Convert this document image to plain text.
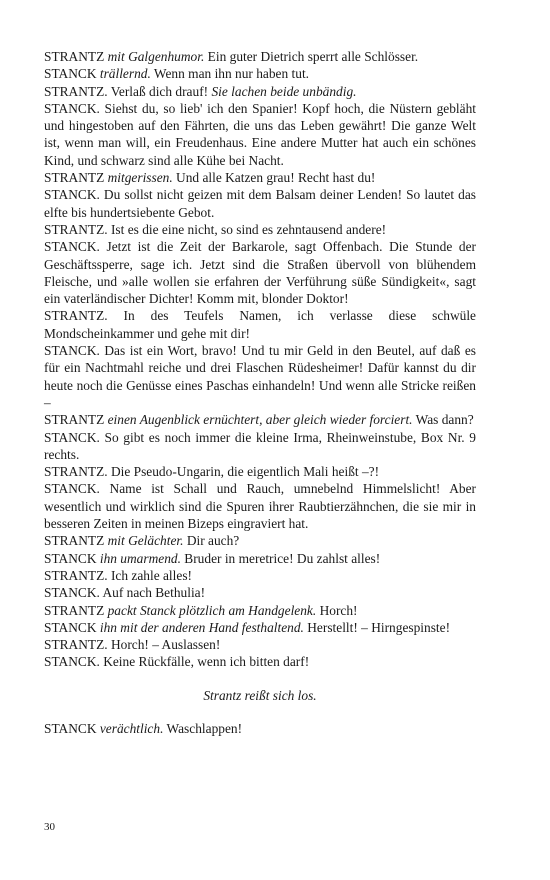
STRANTZ mit Galgenhumor. Ein guter Dietrich sperrt alle Schlösser.
STANCK trällernd. Wenn man ihn nur haben tut.
STRANTZ. Verlaß dich drauf! Sie lachen beide unbändig.
STANCK. Siehst du, so lieb' ich den Spanier! Kopf hoch, die Nüstern gebläht und hingestoben auf den Fährten, die uns das Leben gewährt! Die ganze Welt ist, wenn man will, ein Freudenhaus. Eine andere Mutter hat auch ein schönes Kind, und schwarz sind alle Kühe bei Nacht.
STRANTZ mitgerissen. Und alle Katzen grau! Recht hast du!
STANCK. Du sollst nicht geizen mit dem Balsam deiner Lenden! So lautet das elfte bis hundertsiebente Gebot.
STRANTZ. Ist es die eine nicht, so sind es zehntausend andere!
STANCK. Jetzt ist die Zeit der Barkarole, sagt Offenbach. Die Stunde der Geschäftssperre, sage ich. Jetzt sind die Straßen übervoll von blühendem Fleische, und »alle wollen sie erfahren der Verführung süße Sündigkeit«, sagt ein vaterländischer Dichter! Komm mit, blonder Doktor!
STRANTZ. In des Teufels Namen, ich verlasse diese schwüle Mondscheinkammer und gehe mit dir!
STANCK. Das ist ein Wort, bravo! Und tu mir Geld in den Beutel, auf daß es für ein Nachtmahl reiche und drei Flaschen Rüdesheimer! Dafür kannst du dir heute noch die Genüsse eines Paschas einhandeln! Und wenn alle Stricke reißen –
STRANTZ einen Augenblick ernüchtert, aber gleich wieder forciert. Was dann?
STANCK. So gibt es noch immer die kleine Irma, Rheinweinstube, Box Nr. 9 rechts.
STRANTZ. Die Pseudo-Ungarin, die eigentlich Mali heißt –?!
STANCK. Name ist Schall und Rauch, umnebelnd Himmelslicht! Aber wesentlich und wirklich sind die Spuren ihrer Raubtierzähnchen, die sie mir in besseren Zeiten in meinen Bizeps eingraviert hat.
STRANTZ mit Gelächter. Dir auch?
STANCK ihn umarmend. Bruder in meretrice! Du zahlst alles!
STRANTZ. Ich zahle alles!
STANCK. Auf nach Bethulia!
STRANTZ packt Stanck plötzlich am Handgelenk. Horch!
STANCK ihn mit der anderen Hand festhaltend. Herstellt! – Hirngespinste!
STRANTZ. Horch! – Auslassen!
STANCK. Keine Rückfälle, wenn ich bitten darf!
Strantz reißt sich los.
STANCK verächtlich. Waschlappen!
30
